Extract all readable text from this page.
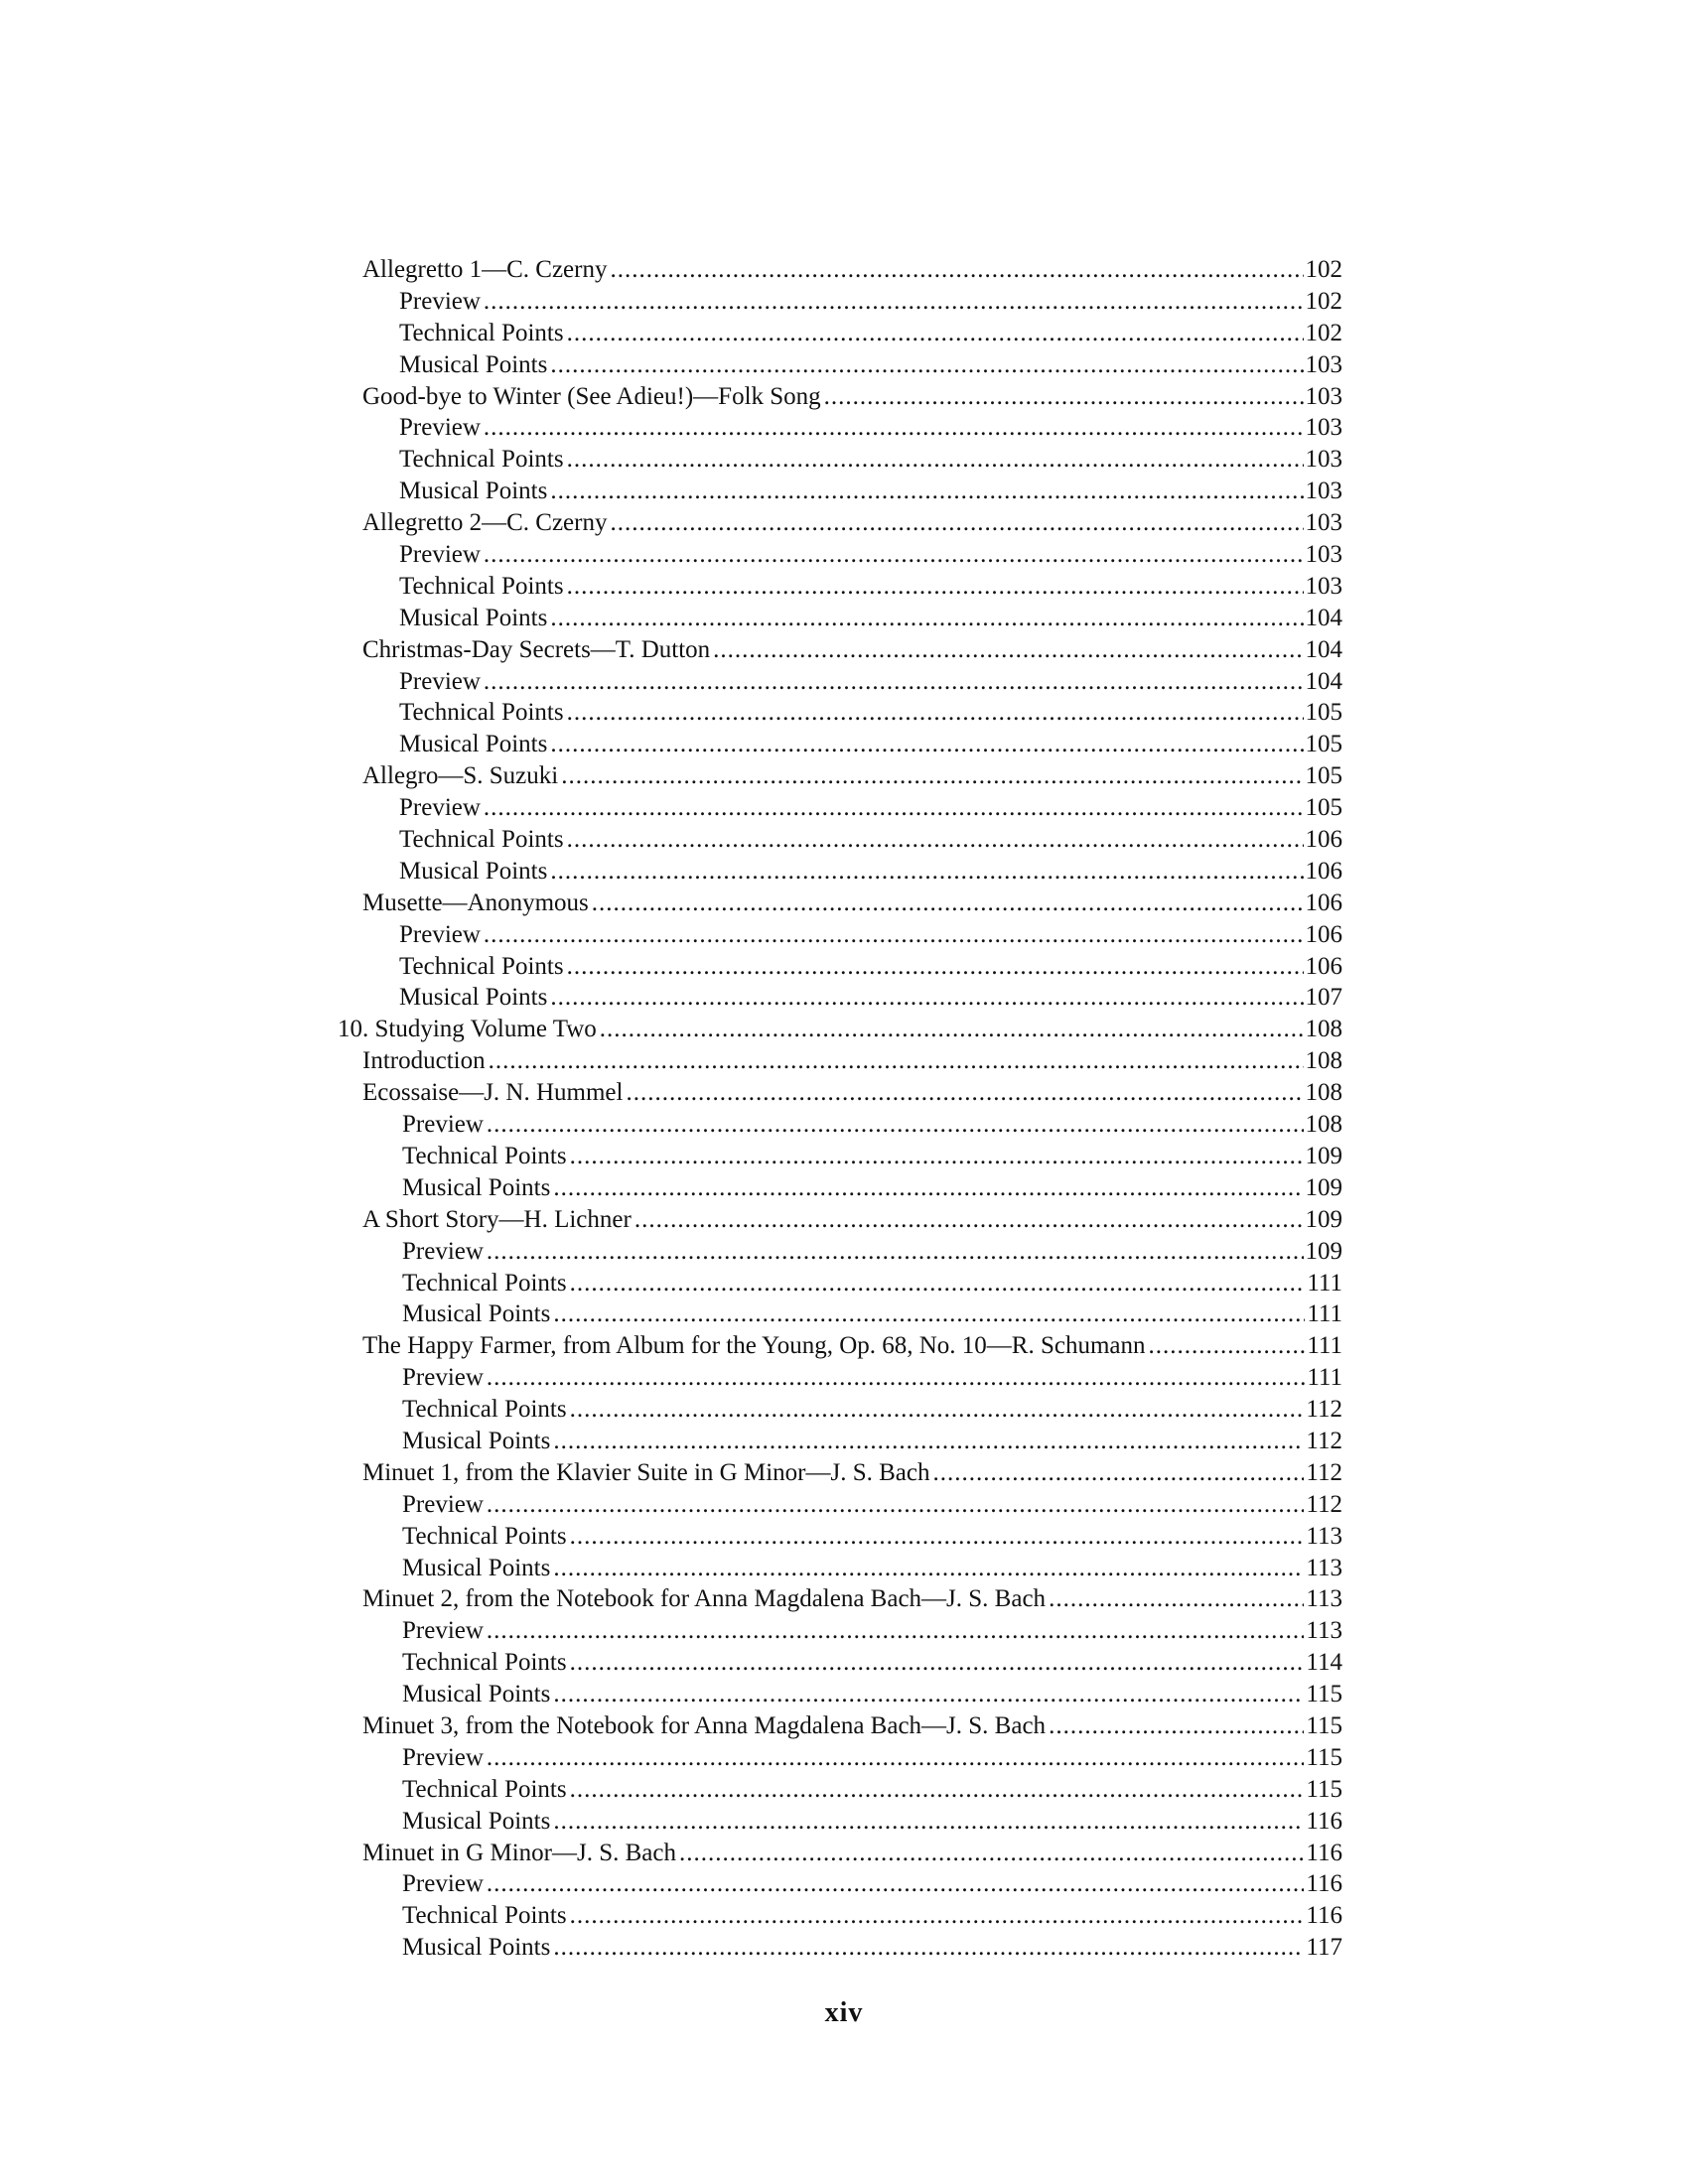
Allegretto 1—C. Czerny .....	102
Preview .....	102
Technical Points .....	102
Musical Points .....	103
Good-bye to Winter (See Adieu!)—Folk Song .....	103
Preview .....	103
Technical Points .....	103
Musical Points .....	103
Allegretto 2—C. Czerny .....	103
Preview .....	103
Technical Points .....	103
Musical Points .....	104
Christmas-Day Secrets—T. Dutton .....	104
Preview .....	104
Technical Points .....	105
Musical Points .....	105
Allegro—S. Suzuki .....	105
Preview .....	105
Technical Points .....	106
Musical Points .....	106
Musette—Anonymous .....	106
Preview .....	106
Technical Points .....	106
Musical Points .....	107
10. Studying Volume Two .....	108
Introduction .....	108
Ecossaise—J. N. Hummel .....	108
Preview .....	108
Technical Points .....	109
Musical Points .....	109
A Short Story—H. Lichner .....	109
Preview .....	109
Technical Points .....	111
Musical Points .....	111
The Happy Farmer, from Album for the Young, Op. 68, No. 10—R. Schumann .....	111
Preview .....	111
Technical Points .....	112
Musical Points .....	112
Minuet 1, from the Klavier Suite in G Minor—J. S. Bach .....	112
Preview .....	112
Technical Points .....	113
Musical Points .....	113
Minuet 2, from the Notebook for Anna Magdalena Bach—J. S. Bach .....	113
Preview .....	113
Technical Points .....	114
Musical Points .....	115
Minuet 3, from the Notebook for Anna Magdalena Bach—J. S. Bach .....	115
Preview .....	115
Technical Points .....	115
Musical Points .....	116
Minuet in G Minor—J. S. Bach .....	116
Preview .....	116
Technical Points .....	116
Musical Points .....	117
xiv
